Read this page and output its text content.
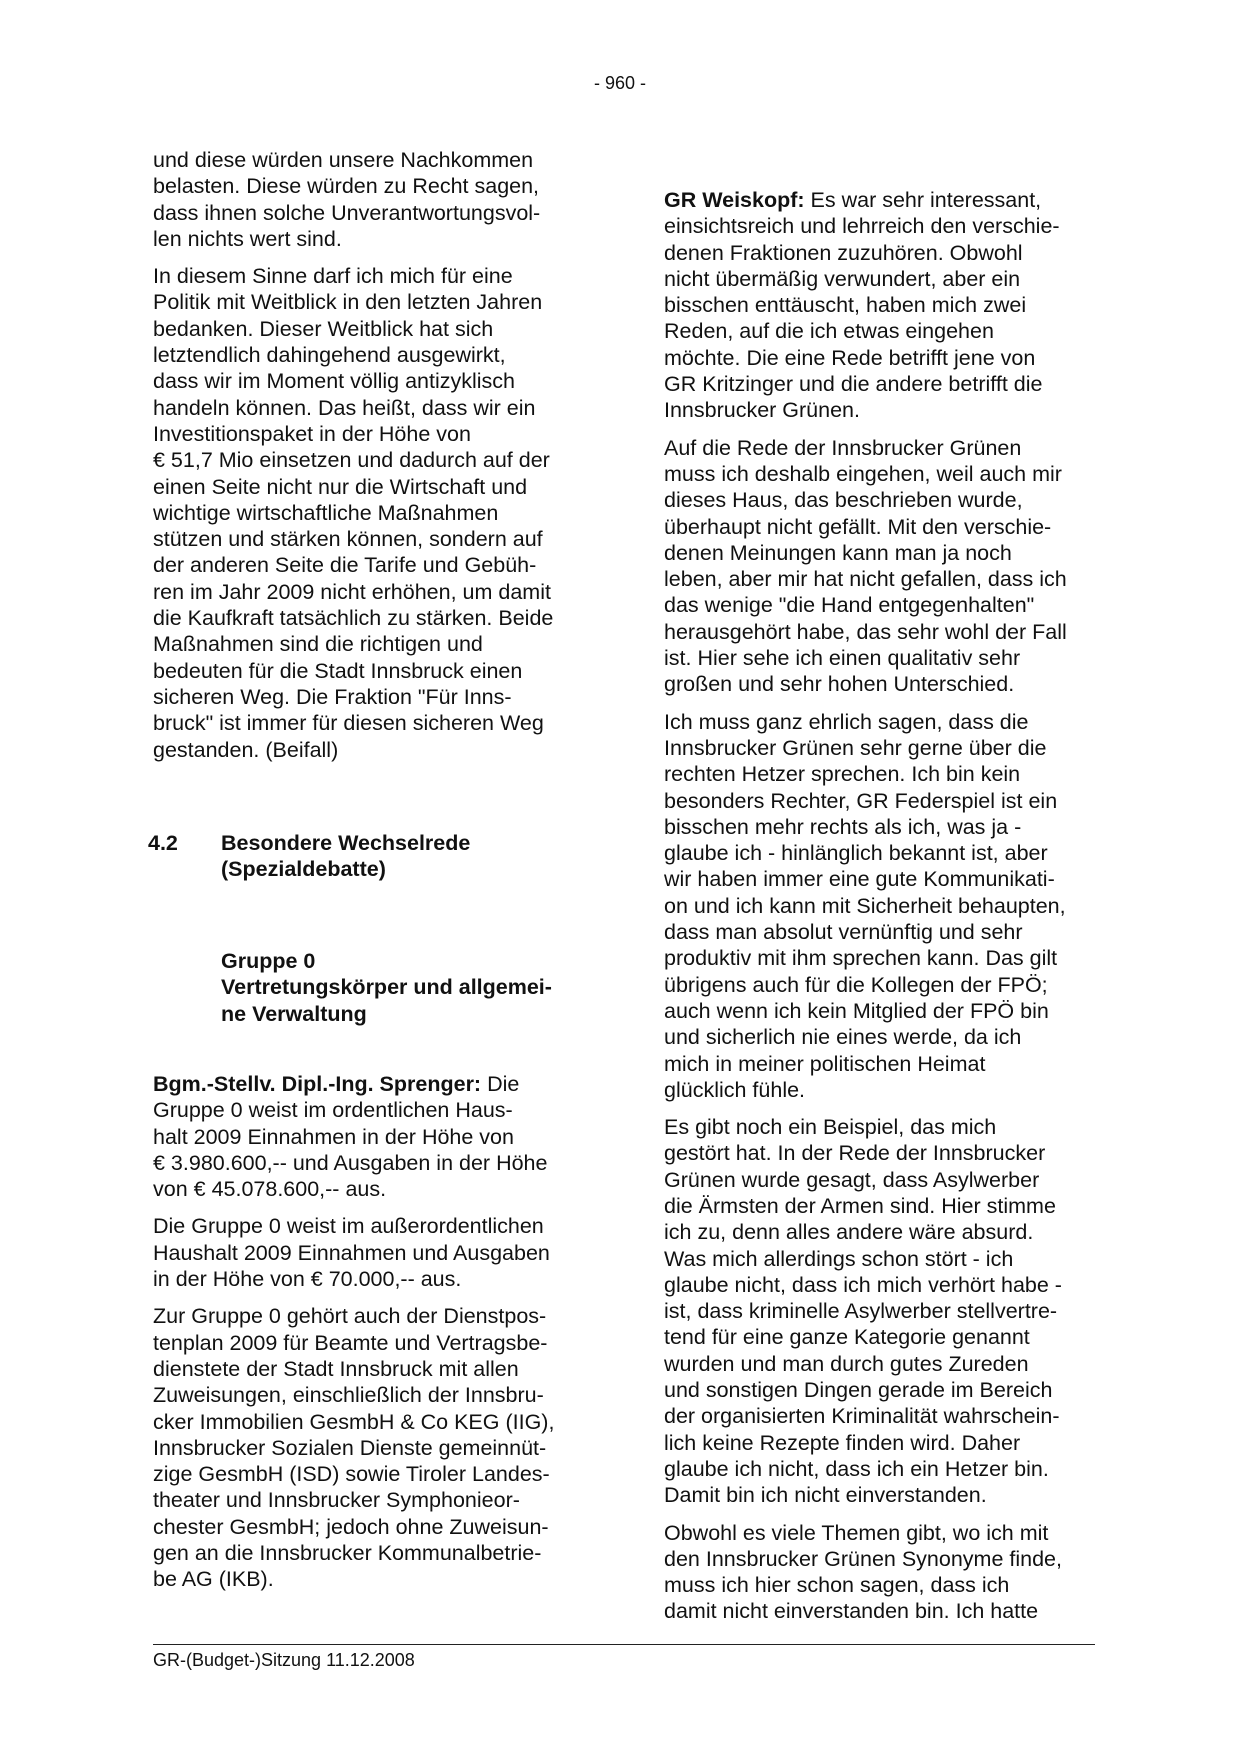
- 960 -

und diese würden unsere Nachkommen
belasten. Diese würden zu Recht sagen,
dass ihnen solche Unverantwortungsvol-
len nichts wert sind.

In diesem Sinne darf ich mich für eine
Politik mit Weitblick in den letzten Jahren
bedanken. Dieser Weitblick hat sich
letztendlich dahingehend ausgewirkt,
dass wir im Moment völlig antizyklisch
handeln können. Das heißt, dass wir ein
Investitionspaket in der Höhe von
€ 51,7 Mio einsetzen und dadurch auf der
einen Seite nicht nur die Wirtschaft und
wichtige wirtschaftliche Maßnahmen
stützen und stärken können, sondern auf
der anderen Seite die Tarife und Gebüh-
ren im Jahr 2009 nicht erhöhen, um damit
die Kaufkraft tatsächlich zu stärken. Beide
Maßnahmen sind die richtigen und
bedeuten für die Stadt Innsbruck einen
sicheren Weg. Die Fraktion "Für Inns-
bruck" ist immer für diesen sicheren Weg
gestanden. (Beifall)

4.2 Besondere Wechselrede
(Spezialdebatte)
Gruppe 0
Vertretungskörper und allgemei-
ne Verwaltung

Bgm.-Stellv. Dipl.-Ing. Sprenger: Die
Gruppe 0 weist im ordentlichen Haus-
halt 2009 Einnahmen in der Höhe von
€ 3.980.600,-- und Ausgaben in der Höhe
von € 45.078.600,-- aus.

Die Gruppe 0 weist im außerordentlichen
Haushalt 2009 Einnahmen und Ausgaben
in der Höhe von € 70.000,-- aus.

Zur Gruppe 0 gehört auch der Dienstpos-
tenplan 2009 für Beamte und Vertragsbe-
dienstete der Stadt Innsbruck mit allen
Zuweisungen, einschließlich der Innsbru-
cker Immobilien GesmbH & Co KEG (IIG),
Innsbrucker Sozialen Dienste gemeinnüt-
zige GesmbH (ISD) sowie Tiroler Landes-
theater und Innsbrucker Symphonieor-
chester GesmbH; jedoch ohne Zuweisun-
gen an die Innsbrucker Kommunalbetrie-
be AG (IKB).

GR Weiskopf: Es war sehr interessant,
einsichtsreich und lehrreich den verschie-
denen Fraktionen zuzuhören. Obwohl
nicht übermäßig verwundert, aber ein
bisschen enttäuscht, haben mich zwei
Reden, auf die ich etwas eingehen
möchte. Die eine Rede betrifft jene von
GR Kritzinger und die andere betrifft die
Innsbrucker Grünen.

Auf die Rede der Innsbrucker Grünen
muss ich deshalb eingehen, weil auch mir
dieses Haus, das beschrieben wurde,
überhaupt nicht gefällt. Mit den verschie-
denen Meinungen kann man ja noch
leben, aber mir hat nicht gefallen, dass ich
das wenige "die Hand entgegenhalten"
herausgehört habe, das sehr wohl der Fall
ist. Hier sehe ich einen qualitativ sehr
großen und sehr hohen Unterschied.

Ich muss ganz ehrlich sagen, dass die
Innsbrucker Grünen sehr gerne über die
rechten Hetzer sprechen. Ich bin kein
besonders Rechter, GR Federspiel ist ein
bisschen mehr rechts als ich, was ja -
glaube ich - hinlänglich bekannt ist, aber
wir haben immer eine gute Kommunikati-
on und ich kann mit Sicherheit behaupten,
dass man absolut vernünftig und sehr
produktiv mit ihm sprechen kann. Das gilt
übrigens auch für die Kollegen der FPÖ;
auch wenn ich kein Mitglied der FPÖ bin
und sicherlich nie eines werde, da ich
mich in meiner politischen Heimat
glücklich fühle.

Es gibt noch ein Beispiel, das mich
gestört hat. In der Rede der Innsbrucker
Grünen wurde gesagt, dass Asylwerber
die Ärmsten der Armen sind. Hier stimme
ich zu, denn alles andere wäre absurd.
Was mich allerdings schon stört - ich
glaube nicht, dass ich mich verhört habe -
ist, dass kriminelle Asylwerber stellvertre-
tend für eine ganze Kategorie genannt
wurden und man durch gutes Zureden
und sonstigen Dingen gerade im Bereich
der organisierten Kriminalität wahrschein-
lich keine Rezepte finden wird. Daher
glaube ich nicht, dass ich ein Hetzer bin.
Damit bin ich nicht einverstanden.

Obwohl es viele Themen gibt, wo ich mit
den Innsbrucker Grünen Synonyme finde,
muss ich hier schon sagen, dass ich
damit nicht einverstanden bin. Ich hatte

GR-(Budget-)Sitzung 11.12.2008
